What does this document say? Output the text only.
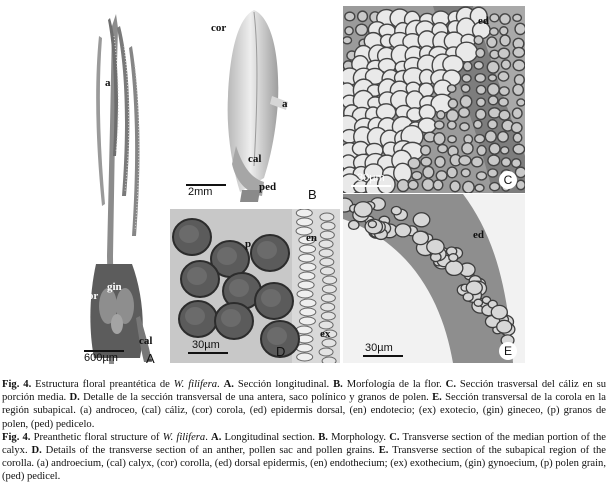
a
cor
gin
cal
600µm A
cor
a
cal
ped
2mm	B
ed
30µm	C
p	en
ex
30µm	D
ed
30µm	E

Fig. 4. Estructura floral preantética de W. filifera. A. Sección longitudinal. B. Morfología de la flor. C. Sección trasversal del cáliz en su porción media. D. Detalle de la sección transversal de una antera, saco polínico y granos de polen. E. Sección transversal de la corola en la región subapical. (a) androceo, (cal) cáliz, (cor) corola, (ed) epidermis dorsal, (en) endotecio; (ex) exotecio, (gin) gineceo, (p) granos de polen, (ped) pedicelo.

Fig. 4. Preanthetic floral structure of W. filifera. A. Longitudinal section. B. Morphology. C. Transverse section of the median portion of the calyx. D. Details of the transverse section of an anther, pollen sac and pollen grains. E. Transverse section of the subapical region of the corolla. (a) androecium, (cal) calyx, (cor) corolla, (ed) dorsal epidermis, (en) endothecium; (ex) exothecium, (gin) gynoecium, (p) polen grain, (ped) pedicel.
